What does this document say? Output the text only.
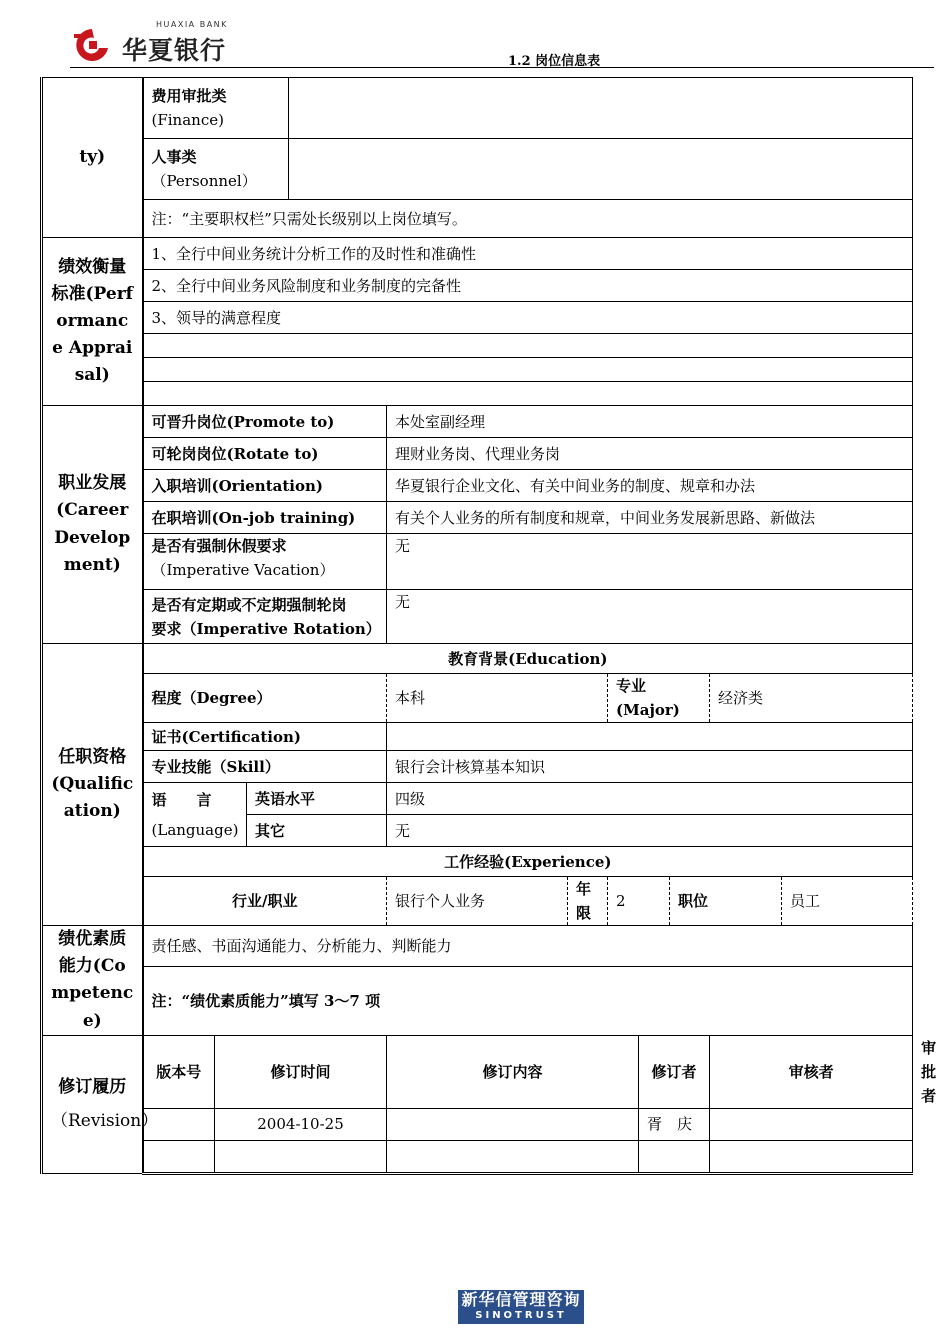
HUAXIA BANK
华夏银行	1.2 岗位信息表
ty)	费用审批类
(Finance)											

	人事类
（Personnel）											

	注：“主要职权栏”只需处长级别以上岗位填写。											
绩效衡量标准(Performance Appraisal)	1、全行中间业务统计分析工作的及时性和准确性											
	2、全行中间业务风险制度和业务制度的完备性											
	3、领导的满意程度											

职业发展(Career Development)	可晋升岗位(Promote to)				本处室副经理							
	可轮岗岗位(Rotate to)				理财业务岗、代理业务岗							
	入职培训(Orientation)				华夏银行企业文化、有关中间业务的制度、规章和办法							
	在职培训(On-job training)				有关个人业务的所有制度和规章，中间业务发展新思路、新做法							

	是否有强制休假要求
（Imperative Vacation）				无							

	是否有定期或不定期强制轮岗
要求（Imperative Rotation）				无							
任职资格(Qualification)	教育背景(Education)											
	程度（Degree）				本科		专业(Major)			经济类		
	证书(Certification)											
	专业技能（Skill）				银行会计核算基本知识							

	语　　言
(Language)		英语水平		四级							
			其它		无							
	工作经验(Experience)											
	行业/职业				银行个人业务	年限	2		职位		员工	
绩优素质能力(Competence)	责任感、书面沟通能力、分析能力、判断能力											
	注：“绩优素质能力”填写 3～7 项											

修订履历
（Revision）	版本号	修订时间			修订内容			修订者		审核者		审批者
		2004-10-25						胥　庆				

新华信管理咨询
SINOTRUST
